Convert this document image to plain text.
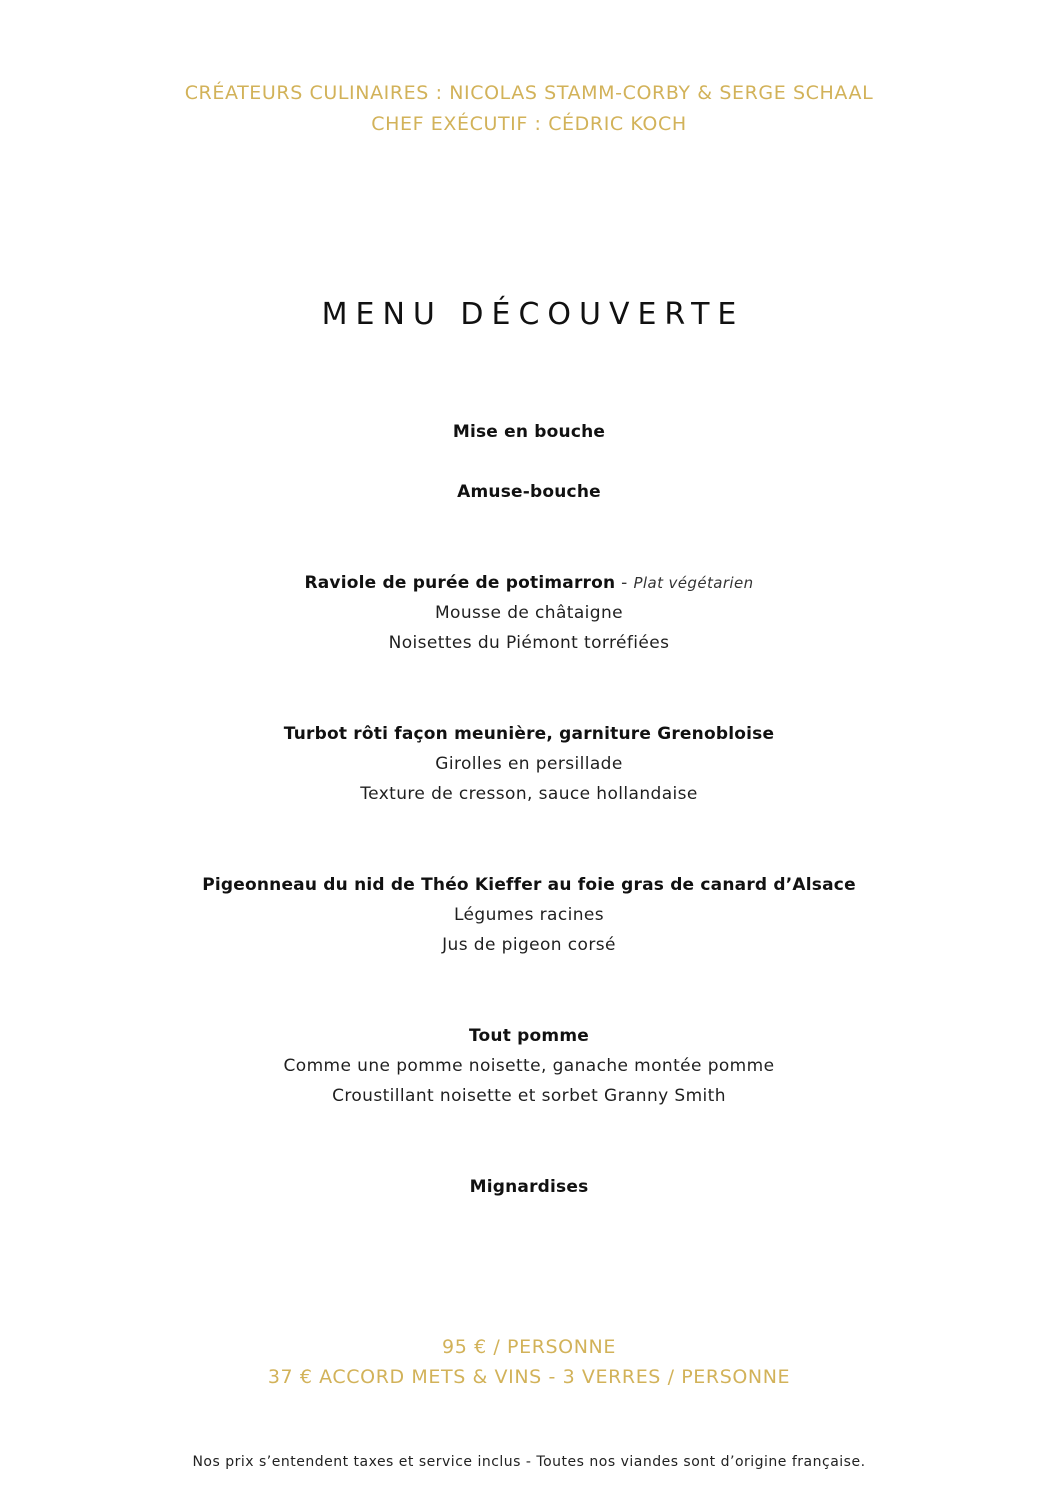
CRÉATEURS CULINAIRES : NICOLAS STAMM-CORBY & SERGE SCHAAL
CHEF EXÉCUTIF : CÉDRIC KOCH
MENU DÉCOUVERTE
Mise en bouche
Amuse-bouche
Raviole de purée de potimarron - Plat végétarien
Mousse de châtaigne
Noisettes du Piémont torréfiées
Turbot rôti façon meunière, garniture Grenobloise
Girolles en persillade
Texture de cresson, sauce hollandaise
Pigeonneau du nid de Théo Kieffer au foie gras de canard d’Alsace
Légumes racines
Jus de pigeon corsé
Tout pomme
Comme une pomme noisette, ganache montée pomme
Croustillant noisette et sorbet Granny Smith
Mignardises
95 € / PERSONNE
37 € ACCORD METS & VINS - 3 VERRES / PERSONNE
Nos prix s’entendent taxes et service inclus - Toutes nos viandes sont d’origine française.
